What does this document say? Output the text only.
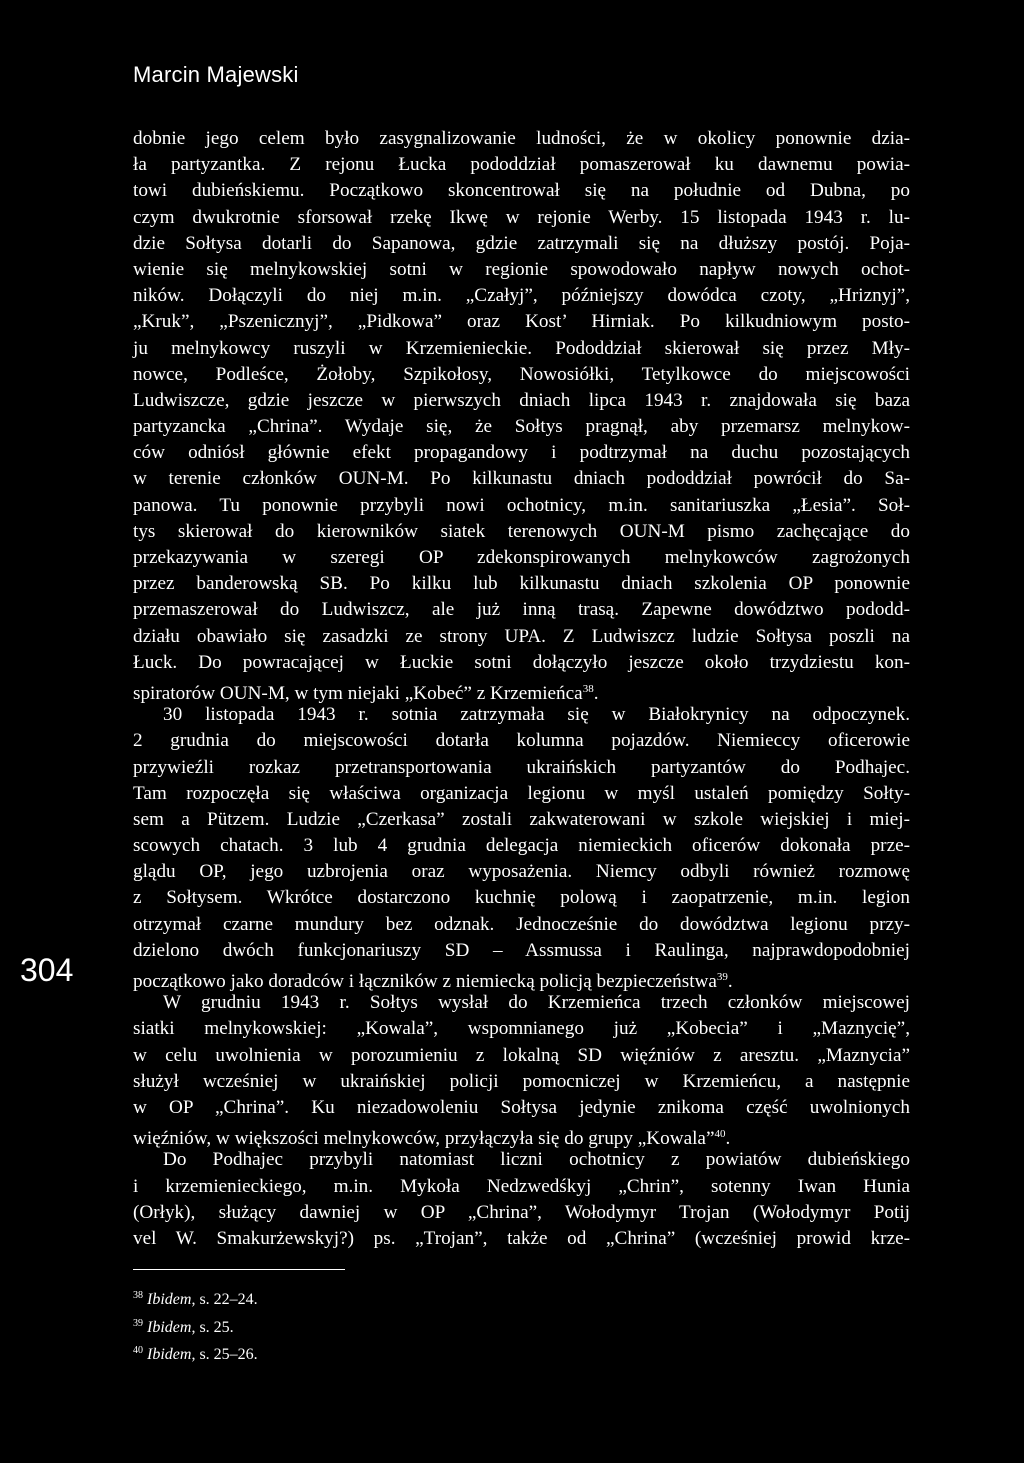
Marcin Majewski
304
dobnie jego celem było zasygnalizowanie ludności, że w okolicy ponownie dzia-
ła partyzantka. Z rejonu Łucka pododdział pomaszerował ku dawnemu powia-
towi dubieńskiemu. Początkowo skoncentrował się na południe od Dubna, po
czym dwukrotnie sforsował rzekę Ikwę w rejonie Werby. 15 listopada 1943 r. lu-
dzie Sołtysa dotarli do Sapanowa, gdzie zatrzymali się na dłuższy postój. Poja-
wienie się melnykowskiej sotni w regionie spowodowało napływ nowych ochot-
ników. Dołączyli do niej m.in. „Czałyj”, późniejszy dowódca czoty, „Hriznyj”,
„Kruk”, „Pszenicznyj”, „Pidkowa” oraz Kost’ Hirniak. Po kilkudniowym posto-
ju melnykowcy ruszyli w Krzemienieckie. Pododdział skierował się przez Mły-
nowce, Podleśce, Żołoby, Szpikołosy, Nowosiółki, Tetylkowce do miejscowości
Ludwiszcze, gdzie jeszcze w pierwszych dniach lipca 1943 r. znajdowała się baza
partyzancka „Chrina”. Wydaje się, że Sołtys pragnął, aby przemarsz melnykow-
ców odniósł głównie efekt propagandowy i podtrzymał na duchu pozostających
w terenie członków OUN-M. Po kilkunastu dniach pododdział powrócił do Sa-
panowa. Tu ponownie przybyli nowi ochotnicy, m.in. sanitariuszka „Łesia”. Soł-
tys skierował do kierowników siatek terenowych OUN-M pismo zachęcające do
przekazywania w szeregi OP zdekonspirowanych melnykowców zagrożonych
przez banderowską SB. Po kilku lub kilkunastu dniach szkolenia OP ponownie
przemaszerował do Ludwiszcz, ale już inną trasą. Zapewne dowództwo pododd-
działu obawiało się zasadzki ze strony UPA. Z Ludwiszcz ludzie Sołtysa poszli na
Łuck. Do powracającej w Łuckie sotni dołączyło jeszcze około trzydziestu kon-
spiratorów OUN-M, w tym niejaki „Kobeć” z Krzemieńca$^{38}$.
30 listopada 1943 r. sotnia zatrzymała się w Białokrynicy na odpoczynek.
2 grudnia do miejscowości dotarła kolumna pojazdów. Niemieccy oficerowie
przywieźli rozkaz przetransportowania ukraińskich partyzantów do Podhajec.
Tam rozpoczęła się właściwa organizacja legionu w myśl ustaleń pomiędzy Sołty-
sem a Pützem. Ludzie „Czerkasa” zostali zakwaterowani w szkole wiejskiej i miej-
scowych chatach. 3 lub 4 grudnia delegacja niemieckich oficerów dokonała prze-
glądu OP, jego uzbrojenia oraz wyposażenia. Niemcy odbyli również rozmowę
z Sołtysem. Wkrótce dostarczono kuchnię polową i zaopatrzenie, m.in. legion
otrzymał czarne mundury bez odznak. Jednocześnie do dowództwa legionu przy-
dzielono dwóch funkcjonariuszy SD – Assmussa i Raulinga, najprawdopodobniej
początkowo jako doradców i łączników z niemiecką policją bezpieczeństwa$^{39}$.
W grudniu 1943 r. Sołtys wysłał do Krzemieńca trzech członków miejscowej
siatki melnykowskiej: „Kowala”, wspomnianego już „Kobecia” i „Maznycię”,
w celu uwolnienia w porozumieniu z lokalną SD więźniów z aresztu. „Maznycia”
służył wcześniej w ukraińskiej policji pomocniczej w Krzemieńcu, a następnie
w OP „Chrina”. Ku niezadowoleniu Sołtysa jedynie znikoma część uwolnionych
więźniów, w większości melnykowców, przyłączyła się do grupy „Kowala”$^{40}$.
Do Podhajec przybyli natomiast liczni ochotnicy z powiatów dubieńskiego
i krzemienieckiego, m.in. Mykoła Nedzwedśkyj „Chrin”, sotenny Iwan Hunia
(Orłyk), służący dawniej w OP „Chrina”, Wołodymyr Trojan (Wołodymyr Potij
vel W. Smakurżewskyj?) ps. „Trojan”, także od „Chrina” (wcześniej prowid krze-
$^{38}$ Ibidem, s. 22–24.
$^{39}$ Ibidem, s. 25.
$^{40}$ Ibidem, s. 25–26.
